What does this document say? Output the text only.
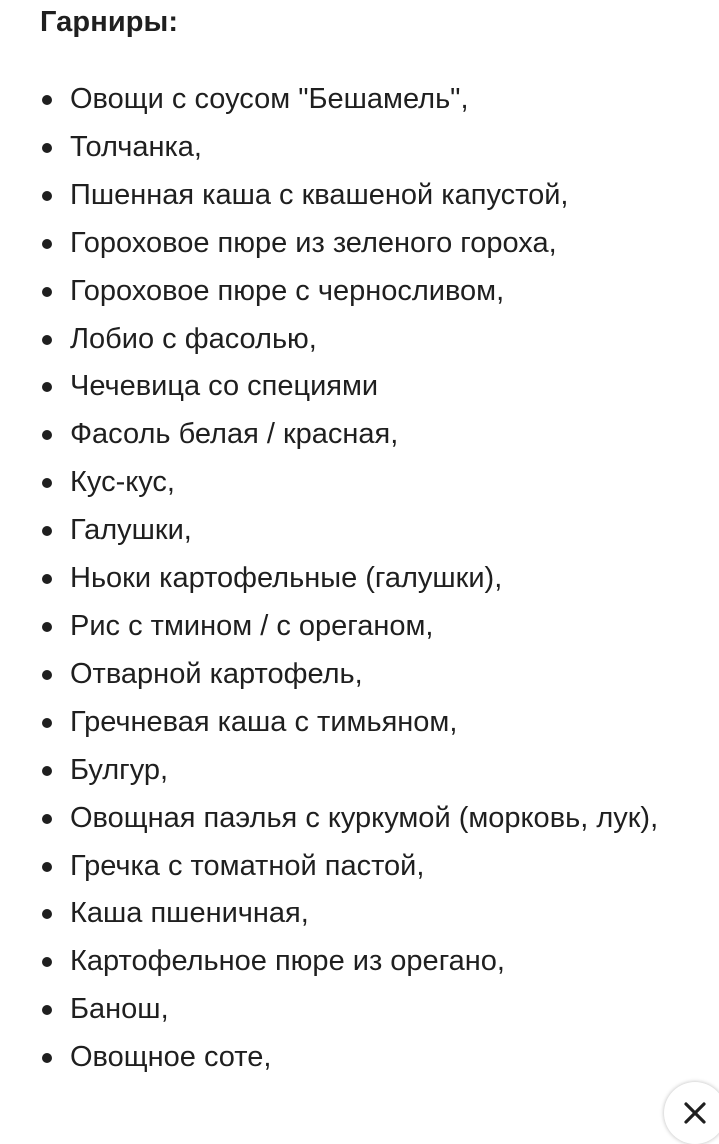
Гарниры:
Овощи с соусом "Бешамель",
Толчанка,
Пшенная каша с квашеной капустой,
Гороховое пюре из зеленого гороха,
Гороховое пюре с черносливом,
Лобио с фасолью,
Чечевица со специями
Фасоль белая / красная,
Кус-кус,
Галушки,
Ньоки картофельные (галушки),
Рис с тмином / с ореганом,
Отварной картофель,
Гречневая каша с тимьяном,
Булгур,
Овощная паэлья с куркумой (морковь, лук),
Гречка с томатной пастой,
Каша пшеничная,
Картофельное пюре из орегано,
Банош,
Овощное соте,
